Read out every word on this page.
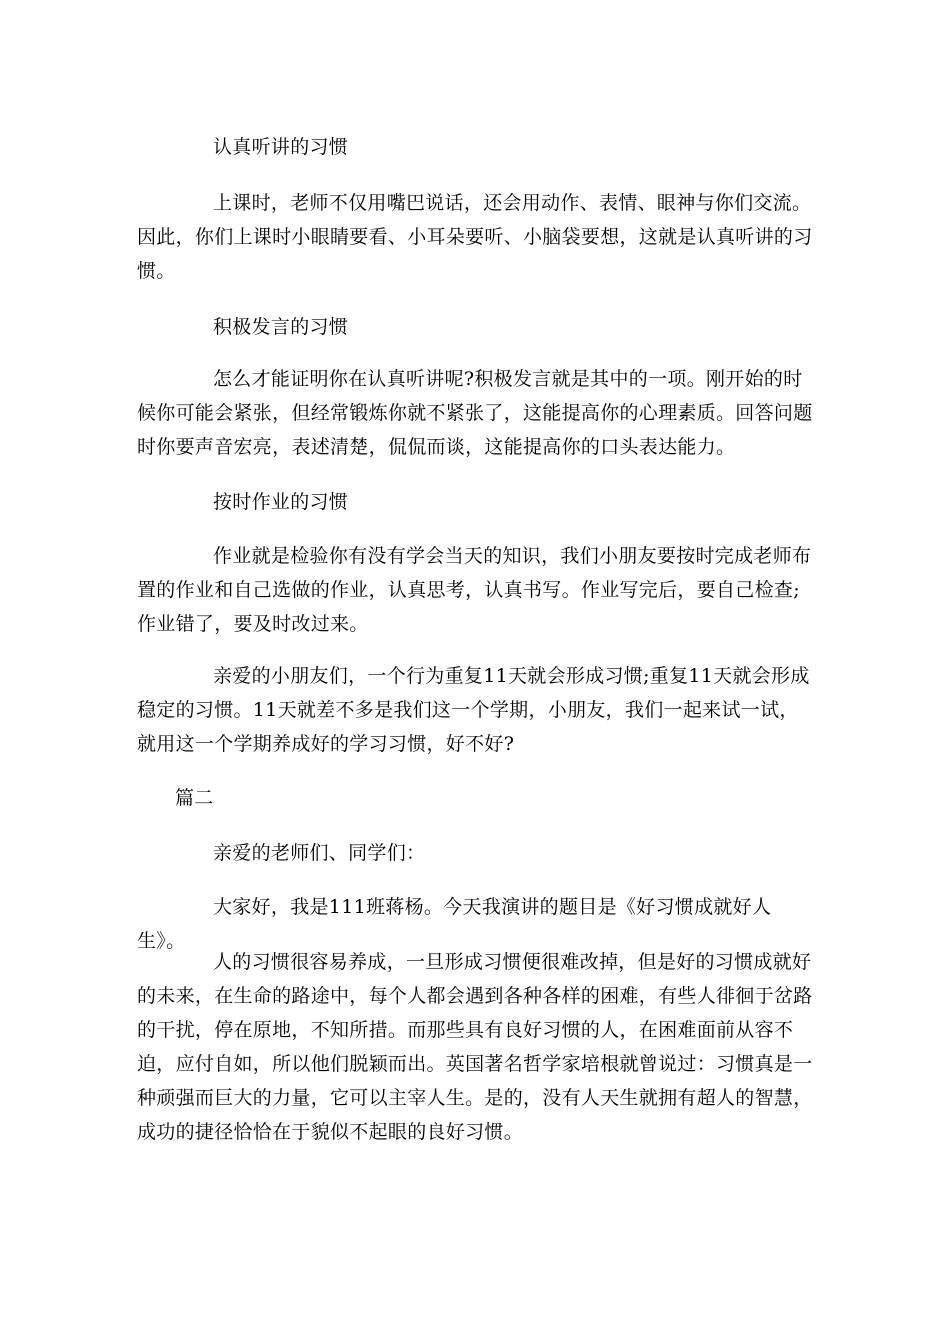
认真听讲的习惯
上课时，老师不仅用嘴巴说话，还会用动作、表情、眼神与你们交流。因此，你们上课时小眼睛要看、小耳朵要听、小脑袋要想，这就是认真听讲的习惯。
积极发言的习惯
怎么才能证明你在认真听讲呢?积极发言就是其中的一项。刚开始的时候你可能会紧张，但经常锻炼你就不紧张了，这能提高你的心理素质。回答问题时你要声音宏亮，表述清楚，侃侃而谈，这能提高你的口头表达能力。
按时作业的习惯
作业就是检验你有没有学会当天的知识，我们小朋友要按时完成老师布置的作业和自己选做的作业，认真思考，认真书写。作业写完后，要自己检查;作业错了，要及时改过来。
亲爱的小朋友们，一个行为重复11天就会形成习惯;重复11天就会形成稳定的习惯。11天就差不多是我们这一个学期，小朋友，我们一起来试一试，就用这一个学期养成好的学习习惯，好不好?
篇二
亲爱的老师们、同学们：
大家好，我是111班蒋杨。今天我演讲的题目是《好习惯成就好人生》。
人的习惯很容易养成，一旦形成习惯便很难改掉，但是好的习惯成就好的未来，在生命的路途中，每个人都会遇到各种各样的困难，有些人徘徊于岔路的干扰，停在原地，不知所措。而那些具有良好习惯的人，在困难面前从容不迫，应付自如，所以他们脱颖而出。英国著名哲学家培根就曾说过：习惯真是一种顽强而巨大的力量，它可以主宰人生。是的，没有人天生就拥有超人的智慧，成功的捷径恰恰在于貌似不起眼的良好习惯。
